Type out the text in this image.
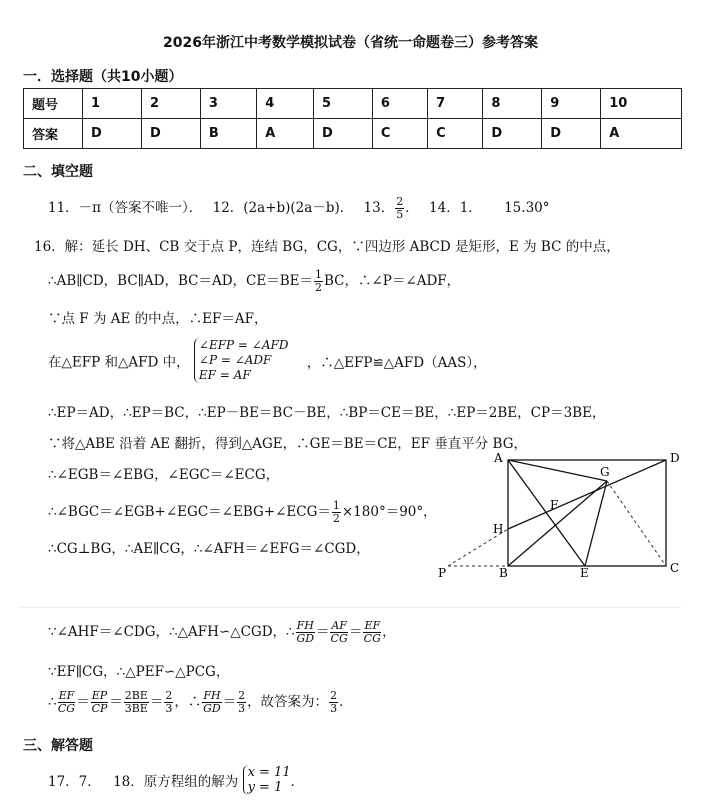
2026年浙江中考数学模拟试卷（省统一命题卷三）参考答案
一．选择题（共10小题）
题号	1	2	3	4	5	6	7	8	9	10
答案	D	D	B	A	D	C	C	D	D	A
二、填空题
11．－π（答案不唯一）． 12．(2a+b)(2a－b)． 13． $\frac{2}{5}$ ． 14．1． 15.30°
16．解：延长 DH、CB 交于点 P，连结 BG，CG，∵四边形 ABCD 是矩形，E 为 BC 的中点，
∴AB∥CD，BC∥AD，BC＝AD，$CE=BE= \frac{1}{2}$ BC，∴∠P＝∠ADF，
∵点 F 为 AE 的中点，∴EF＝AF，
在△EFP 和△AFD 中， ∠EFP = ∠AFD
∠P = ∠ADF
EF = AF ，∴△EFP≌△AFD（AAS），
∴EP＝AD，∴EP＝BC，∴EP－BE＝BC－BE，∴BP＝CE＝BE，∴EP＝2BE，CP＝3BE，
∵将△ABE 沿着 AE 翻折，得到△AGE，∴GE＝BE＝CE，EF 垂直平分 BG，
∴∠EGB＝∠EBG，∠EGC＝∠ECG，
∴∠BGC＝∠EGB+∠EGC＝∠EBG+∠ECG＝ $\frac{1}{2} \times 180^\circ=90^\circ$，
∴CG⊥BG，∴AE∥CG，∴∠AFH＝∠EFG＝∠CGD，
A	D
G
F
H
P	B	E	C
∵∠AHF＝∠CDG，∴△AFH∽△CGD，∴ $\frac{FH}{GD} = \frac{AF}{CG} = \frac{EF}{CG}$ ，
∵EF∥CG，∴△PEF∽△PCG，
∴ $\frac{EF}{CG} = \frac{EP}{CP} = \frac{2BE}{3BE} = \frac{2}{3}$ ，∴ $\frac{FH}{GD} = \frac{2}{3}$ ，故答案为： $\frac{2}{3}$ ．
三、解答题
17．7． 18．原方程组的解为 x = 11
y = 1 ．
